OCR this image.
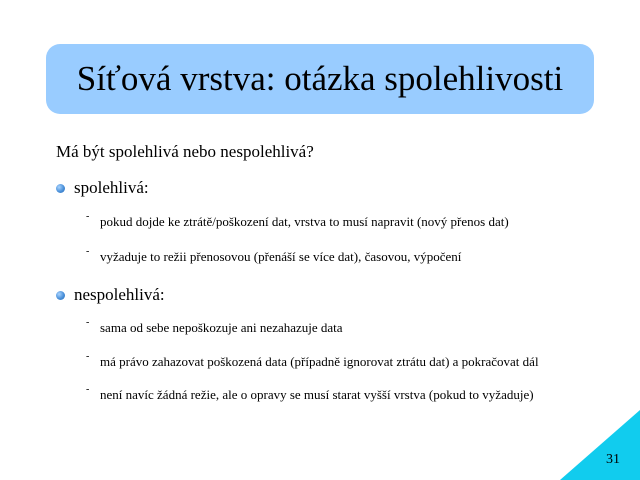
Síťová vrstva: otázka spolehlivosti
Má být spolehlivá nebo nespolehlivá?
spolehlivá:
- pokud dojde ke ztrátě/poškození dat, vrstva to musí napravit (nový přenos dat)
- vyžaduje to režii přenosovou (přenáší se více dat), časovou, výpočení
nespolehlivá:
- sama od sebe nepoškozuje ani nezahazuje data
- má právo zahazovat poškozená data (případně ignorovat ztrátu dat) a pokračovat dál
- není navíc žádná režie, ale o opravy se musí starat vyšší vrstva (pokud to vyžaduje)
31
